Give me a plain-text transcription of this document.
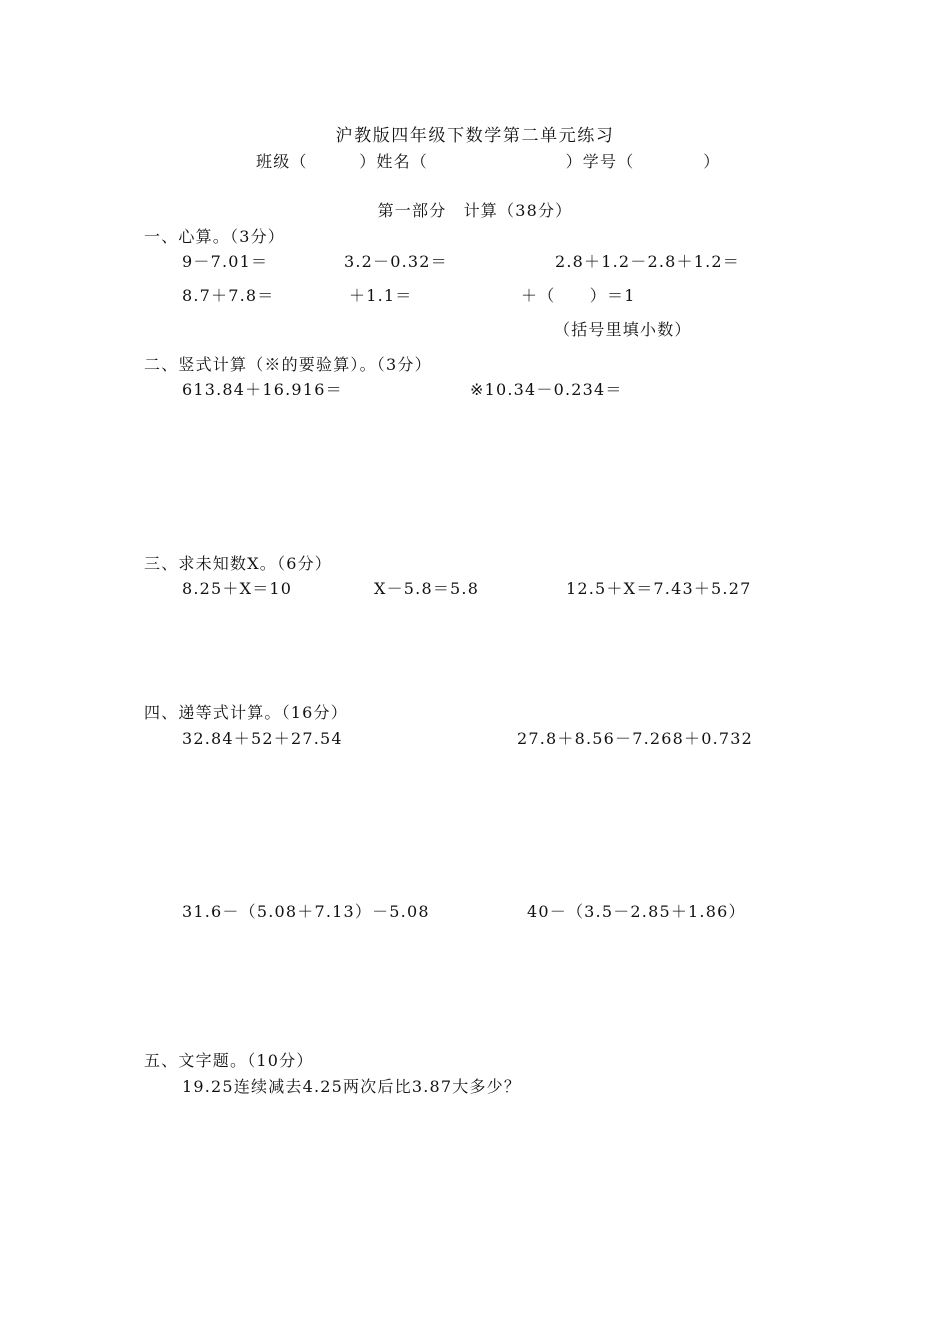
沪教版四年级下数学第二单元练习
班级（　　　）姓名（　　　　　　　　）学号（　　　　）
第一部分　计算（38分）
一、心算。（3分）
9－7.01＝	3.2－0.32＝	2.8＋1.2－2.8＋1.2＝
8.7＋7.8＝	＋1.1＝	＋（　　）＝1
（括号里填小数）
二、竖式计算（※的要验算）。（3分）
613.84＋16.916＝	※10.34－0.234＝
三、求未知数X。（6分）
8.25＋X＝10	X－5.8＝5.8	12.5＋X＝7.43＋5.27
四、递等式计算。（16分）
32.84＋52＋27.54	27.8＋8.56－7.268＋0.732
31.6－（5.08＋7.13）－5.08	40－（3.5－2.85＋1.86）
五、文字题。（10分）
19.25连续减去4.25两次后比3.87大多少？
